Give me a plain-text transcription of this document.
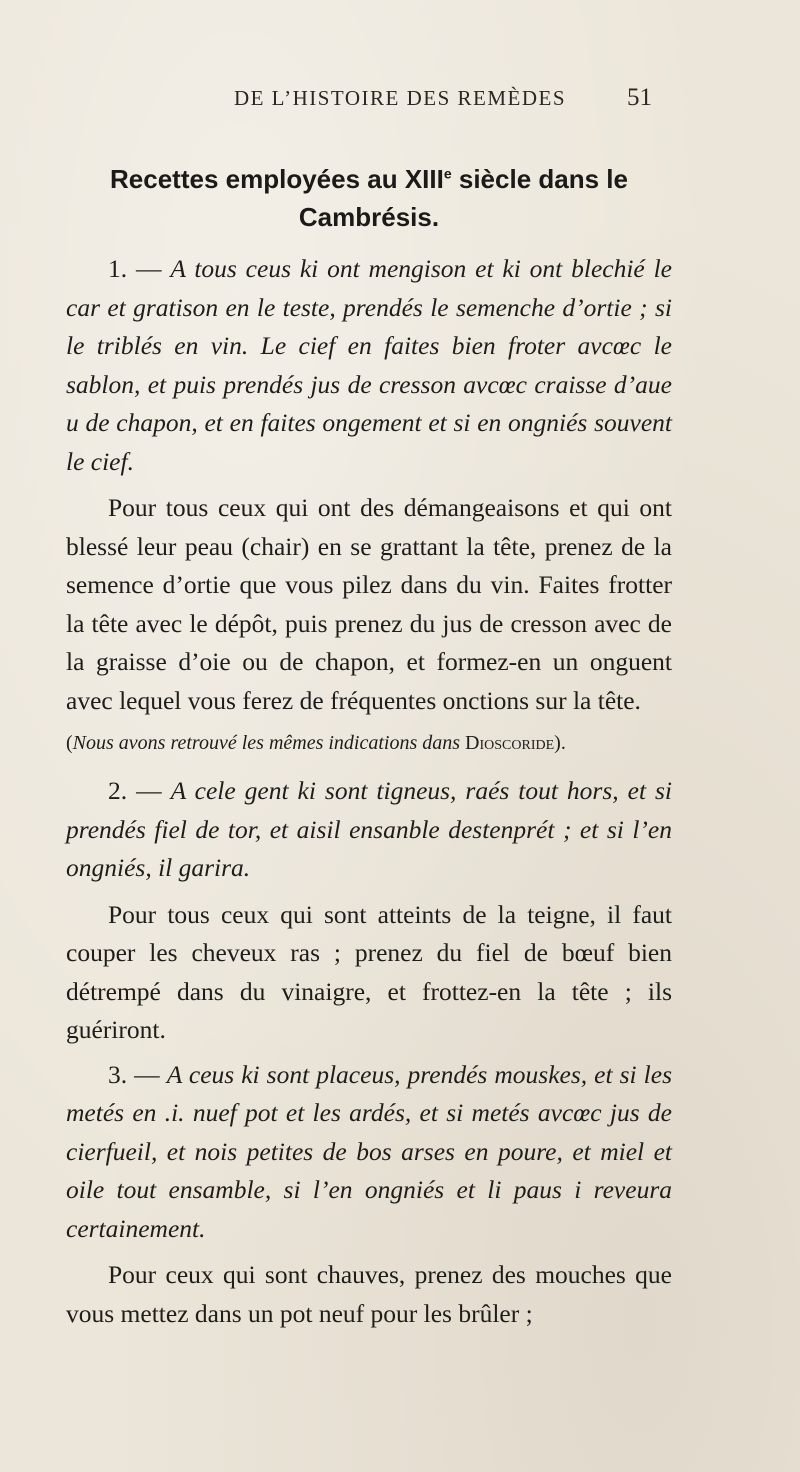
DE L’HISTOIRE DES REMÈDES	51
Recettes employées au XIIIe siècle dans le Cambrésis.

1. — A tous ceus ki ont mengison et ki ont blechié le car et gratison en le teste, prendés le semenche d’ortie ; si le triblés en vin. Le cief en faites bien froter avcœc le sablon, et puis prendés jus de cresson avcœc craisse d’aue u de chapon, et en faites ongement et si en ongniés souvent le cief.

Pour tous ceux qui ont des démangeaisons et qui ont blessé leur peau (chair) en se grattant la tête, prenez de la semence d’ortie que vous pilez dans du vin. Faites frotter la tête avec le dépôt, puis prenez du jus de cresson avec de la graisse d’oie ou de chapon, et formez-en un onguent avec lequel vous ferez de fréquentes onctions sur la tête.

(Nous avons retrouvé les mêmes indications dans Dioscoride).

2. — A cele gent ki sont tigneus, raés tout hors, et si prendés fiel de tor, et aisil ensanble destenprét ; et si l’en ongniés, il garira.

Pour tous ceux qui sont atteints de la teigne, il faut couper les cheveux ras ; prenez du fiel de bœuf bien détrempé dans du vinaigre, et frottez-en la tête ; ils guériront.

3. — A ceus ki sont placeus, prendés mouskes, et si les metés en .i. nuef pot et les ardés, et si metés avcœc jus de cierfueil, et nois petites de bos arses en poure, et miel et oile tout ensamble, si l’en ongniés et li paus i reveura certainement.

Pour ceux qui sont chauves, prenez des mouches que vous mettez dans un pot neuf pour les brûler ;
